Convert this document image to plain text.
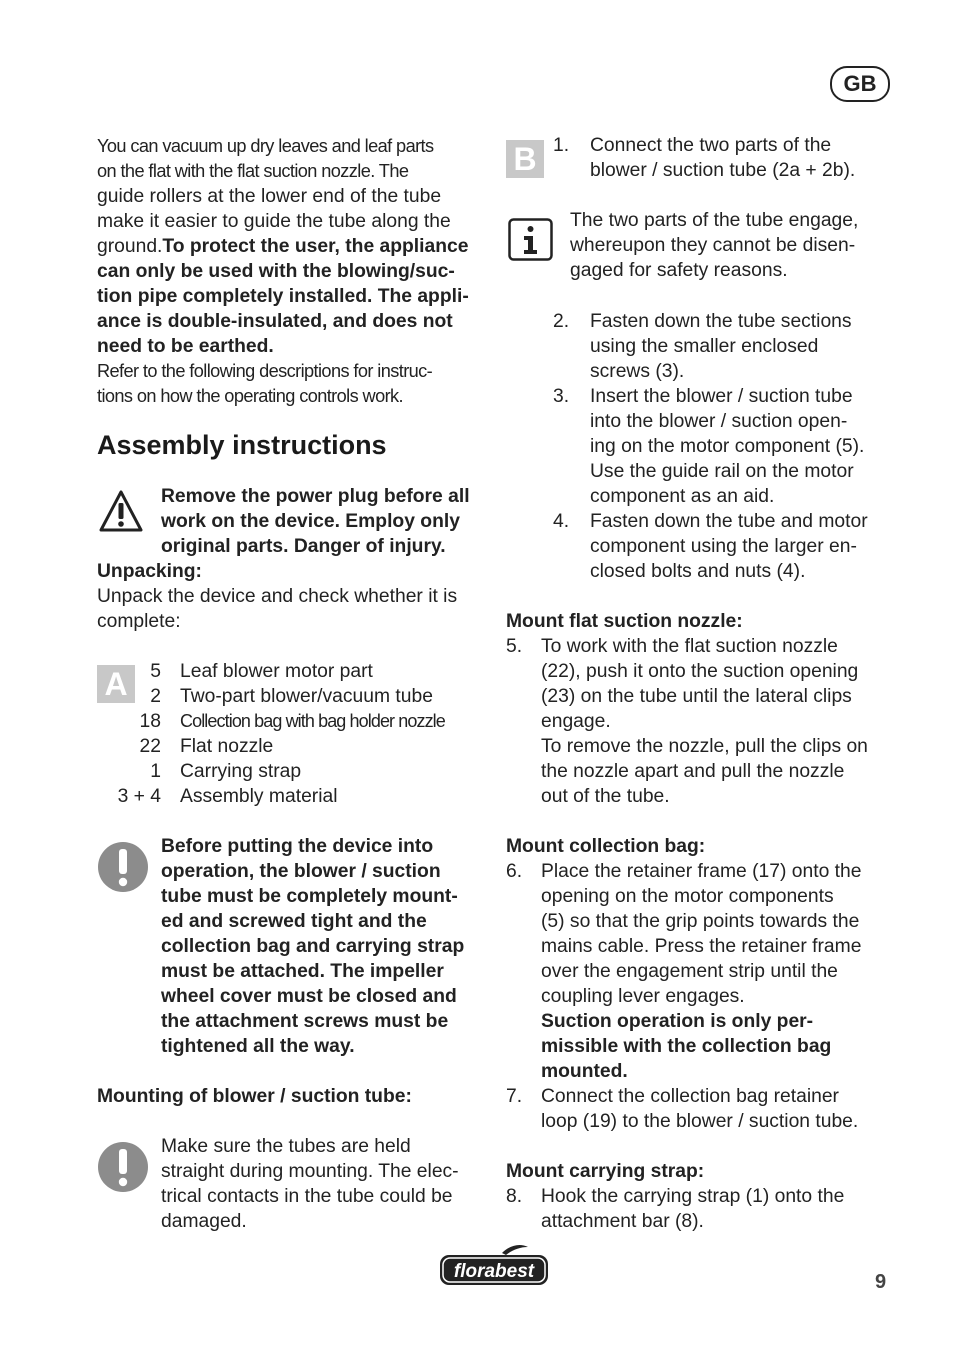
GB

You can vacuum up dry leaves and leaf parts

on the flat with the flat suction nozzle. The

guide rollers at the lower end of the tube

make it easier to guide the tube along the

ground.To protect the user, the appliance

can only be used with the blowing/suc-

tion pipe completely installed. The appli-

ance is double-insulated, and does not

need to be earthed.

Refer to the following descriptions for instruc-

tions on how the operating controls work.

Assembly instructions

Remove the power plug before all

work on the device. Employ only

original parts. Danger of injury.

Unpacking:

Unpack the device and check whether it is

complete:

A	5 Leaf blower motor part
2 Two-part blower/vacuum tube
18 Collection bag with bag holder nozzle
22 Flat nozzle
1 Carrying strap
3 + 4 Assembly material

Before putting the device into

operation, the blower / suction

tube must be completely mount-

ed and screwed tight and the

collection bag and carrying strap

must be attached. The impeller

wheel cover must be closed and

the attachment screws must be

tightened all the way.

Mounting of blower / suction tube:

Make sure the tubes are held

straight during mounting. The elec-

trical contacts in the tube could be

damaged.

B 1. Connect the two parts of the

blower / suction tube (2a + 2b).

The two parts of the tube engage,

whereupon they cannot be disen-

gaged for safety reasons.

2. Fasten down the tube sections

using the smaller enclosed

screws (3).

3. Insert the blower / suction tube

into the blower / suction open-

ing on the motor component (5).

Use the guide rail on the motor

component as an aid.

4. Fasten down the tube and motor

component using the larger en-

closed bolts and nuts (4).

Mount flat suction nozzle:
5. To work with the flat suction nozzle

(22), push it onto the suction opening

(23) on the tube until the lateral clips

engage.

To remove the nozzle, pull the clips on

the nozzle apart and pull the nozzle

out of the tube.

Mount collection bag:
6. Place the retainer frame (17) onto the

opening on the motor components

(5) so that the grip points towards the

mains cable. Press the retainer frame

over the engagement strip until the

coupling lever engages.

Suction operation is only per-

missible with the collection bag

mounted.

7. Connect the collection bag retainer

loop (19) to the blower / suction tube.

Mount carrying strap:
8. Hook the carrying strap (1) onto the

attachment bar (8).

florabest	9
